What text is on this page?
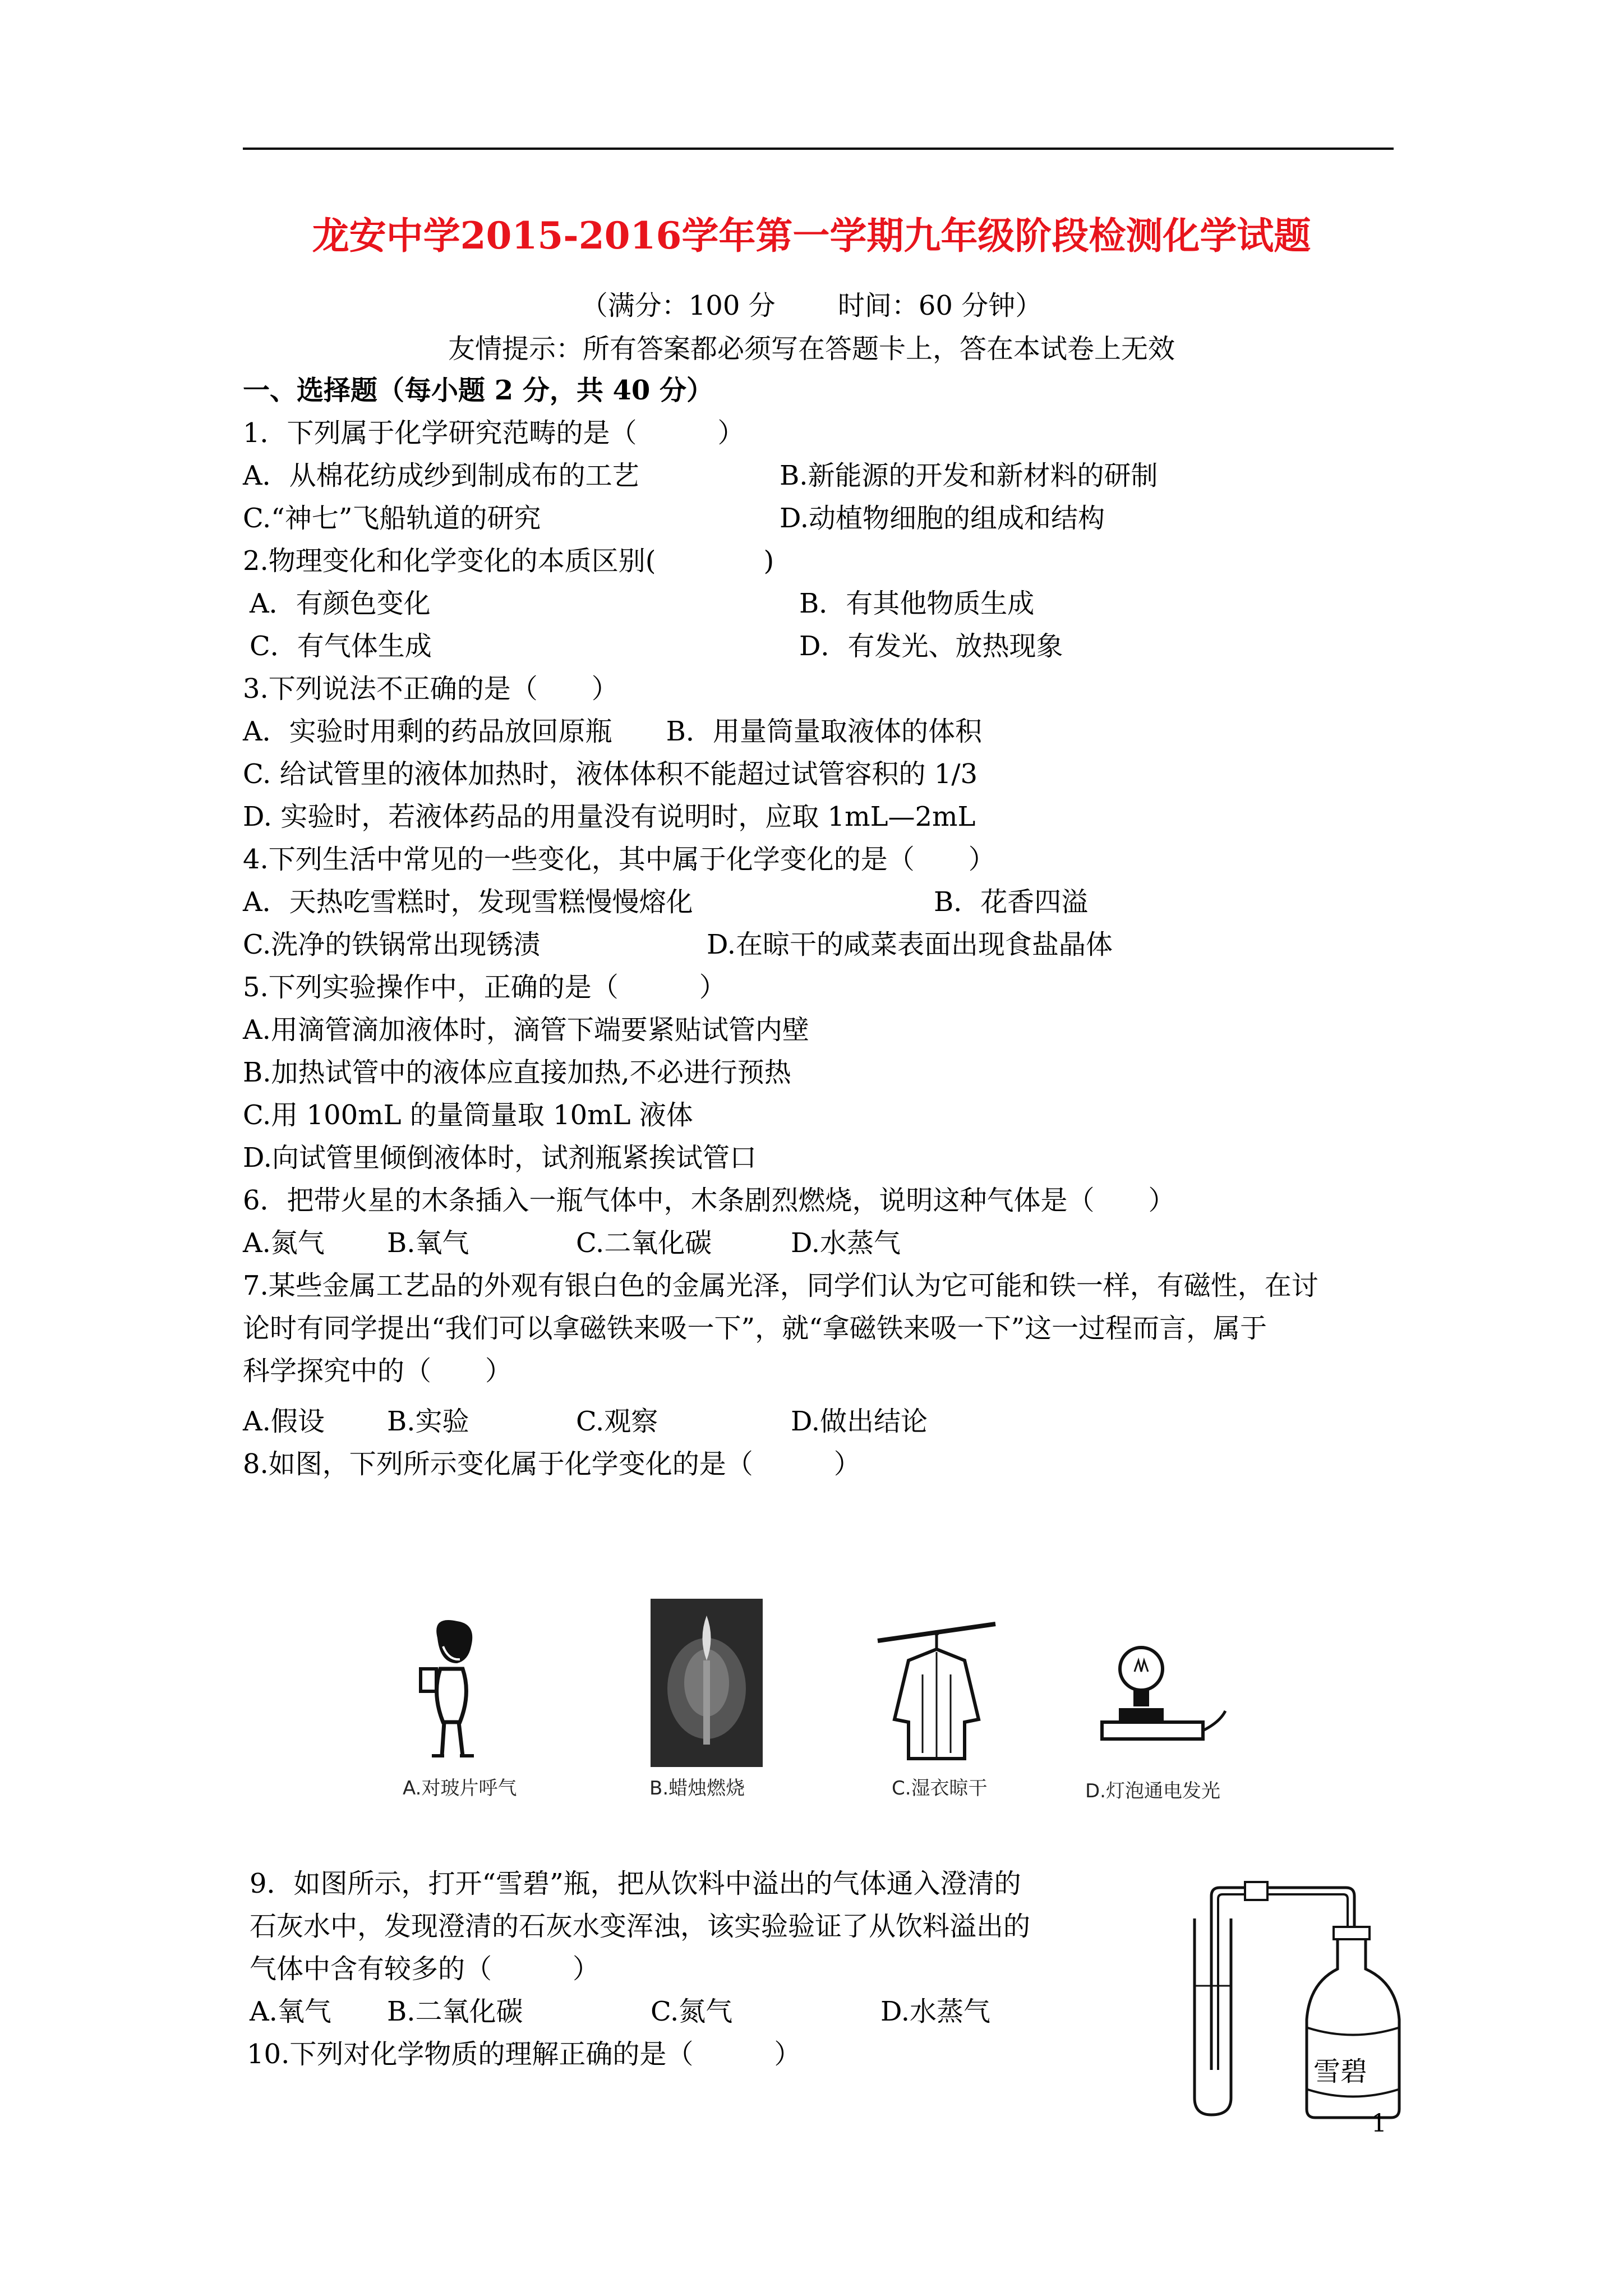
龙安中学2015-2016学年第一学期九年级阶段检测化学试题
（满分：100 分　　 时间：60 分钟）
友情提示：所有答案都必须写在答题卡上，答在本试卷上无效
一、选择题（每小题 2 分，共 40 分）
1．下列属于化学研究范畴的是（　　　）
A．从棉花纺成纱到制成布的工艺	B.新能源的开发和新材料的研制
C.“神七”飞船轨道的研究	D.动植物细胞的组成和结构
2.物理变化和化学变化的本质区别(　　　　)
A．有颜色变化	B．有其他物质生成
C．有气体生成	D．有发光、放热现象
3.下列说法不正确的是（　　）
A．实验时用剩的药品放回原瓶　　B．用量筒量取液体的体积
C. 给试管里的液体加热时，液体体积不能超过试管容积的 1/3
D. 实验时，若液体药品的用量没有说明时，应取 1mL—2mL
4.下列生活中常见的一些变化，其中属于化学变化的是（　　）
A．天热吃雪糕时，发现雪糕慢慢熔化	B．花香四溢
C.洗净的铁锅常出现锈渍	D.在晾干的咸菜表面出现食盐晶体
5.下列实验操作中，正确的是（　　　）
A.用滴管滴加液体时，滴管下端要紧贴试管内壁
B.加热试管中的液体应直接加热,不必进行预热
C.用 100mL 的量筒量取 10mL 液体
D.向试管里倾倒液体时，试剂瓶紧挨试管口
6．把带火星的木条插入一瓶气体中，木条剧烈燃烧，说明这种气体是（　　）
A.氮气 B.氧气	C.二氧化碳	D.水蒸气
7.某些金属工艺品的外观有银白色的金属光泽，同学们认为它可能和铁一样，有磁性，在讨
论时有同学提出“我们可以拿磁铁来吸一下”，就“拿磁铁来吸一下”这一过程而言，属于
科学探究中的（　　）
A.假设 B.实验	C.观察	D.做出结论
8.如图，下列所示变化属于化学变化的是（　　　）
A.对玻片呼气	B.蜡烛燃烧	C.湿衣晾干	D.灯泡通电发光
9．如图所示，打开“雪碧”瓶，把从饮料中溢出的气体通入澄清的
石灰水中，发现澄清的石灰水变浑浊，该实验验证了从饮料溢出的
气体中含有较多的（　　　）
A.氧气 B.二氧化碳	C.氮气	D.水蒸气
雪碧
10.下列对化学物质的理解正确的是（　　　）
1
